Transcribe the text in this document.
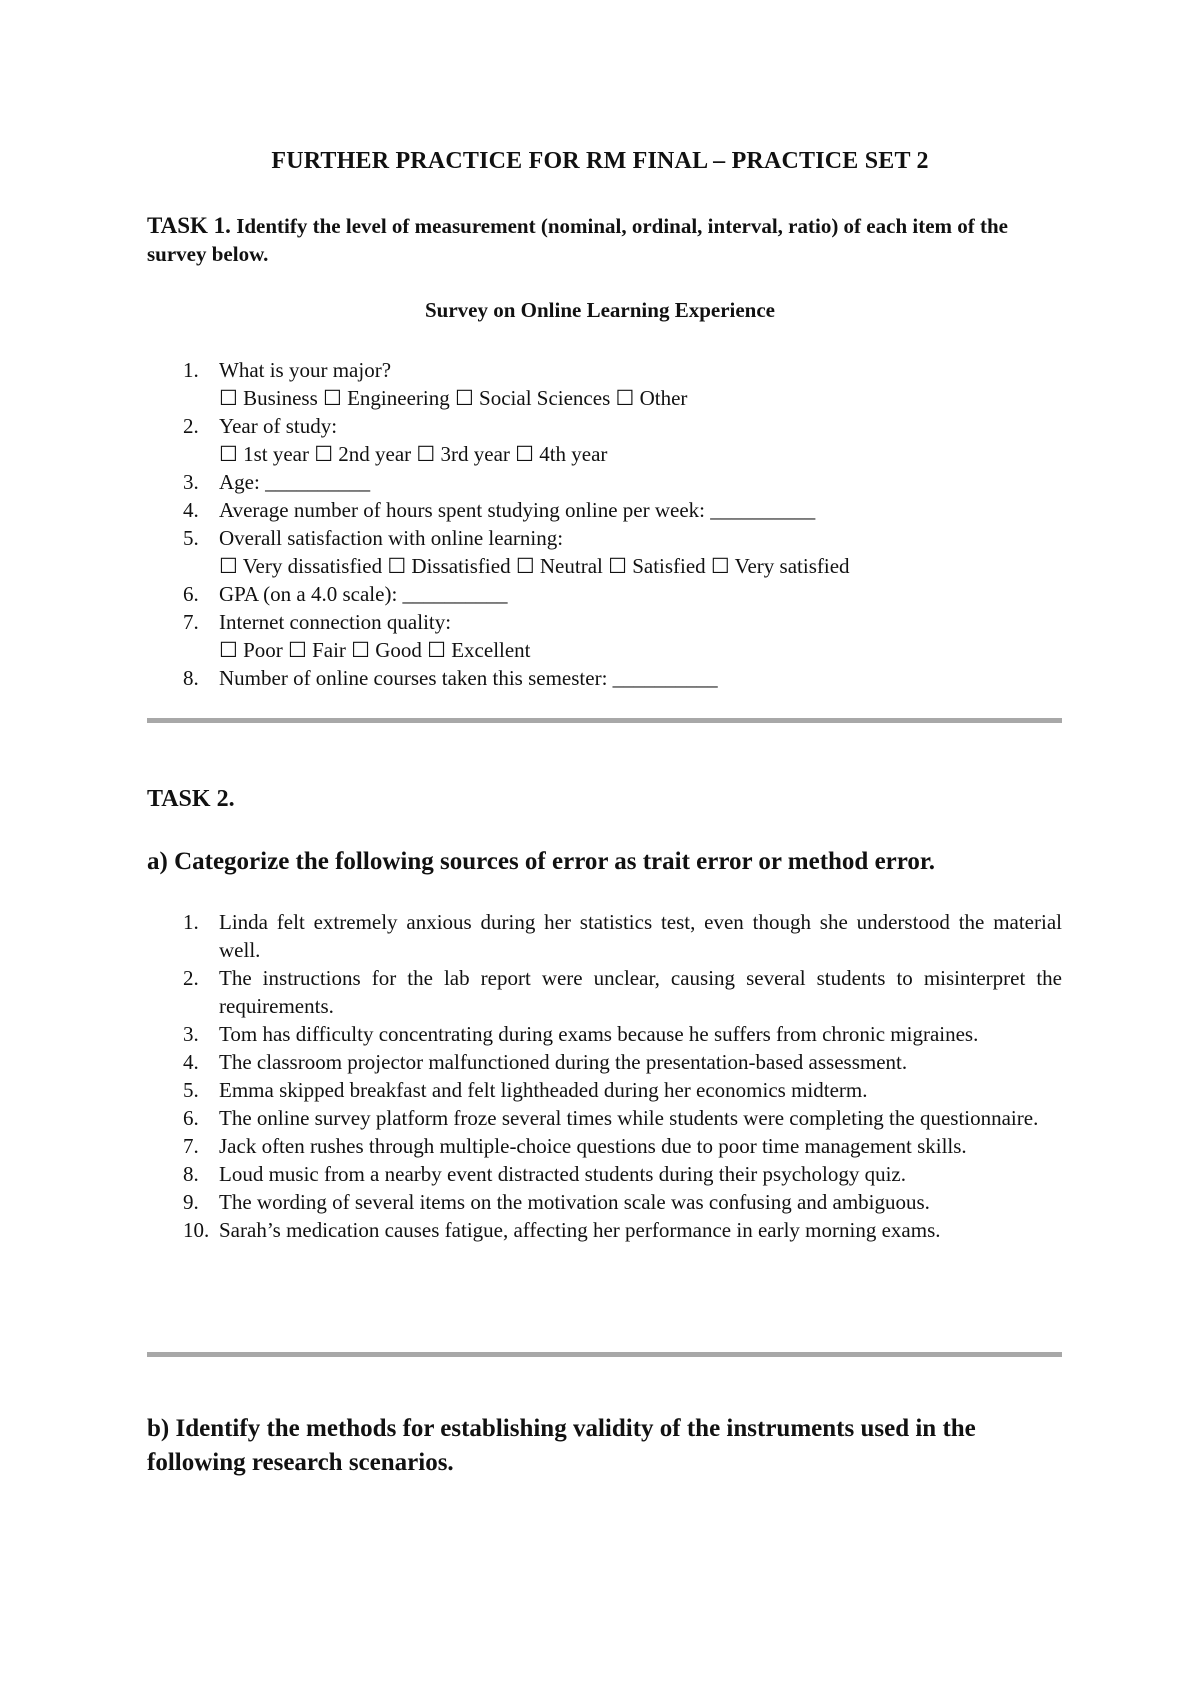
FURTHER PRACTICE FOR RM FINAL – PRACTICE SET 2
TASK 1. Identify the level of measurement (nominal, ordinal, interval, ratio) of each item of the survey below.
Survey on Online Learning Experience
1. What is your major?
☐ Business ☐ Engineering ☐ Social Sciences ☐ Other
2. Year of study:
☐ 1st year ☐ 2nd year ☐ 3rd year ☐ 4th year
3. Age: __________
4. Average number of hours spent studying online per week: __________
5. Overall satisfaction with online learning:
☐ Very dissatisfied ☐ Dissatisfied ☐ Neutral ☐ Satisfied ☐ Very satisfied
6. GPA (on a 4.0 scale): __________
7. Internet connection quality:
☐ Poor ☐ Fair ☐ Good ☐ Excellent
8. Number of online courses taken this semester: __________
TASK 2.
a) Categorize the following sources of error as trait error or method error.
1. Linda felt extremely anxious during her statistics test, even though she understood the material well.
2. The instructions for the lab report were unclear, causing several students to misinterpret the requirements.
3. Tom has difficulty concentrating during exams because he suffers from chronic migraines.
4. The classroom projector malfunctioned during the presentation-based assessment.
5. Emma skipped breakfast and felt lightheaded during her economics midterm.
6. The online survey platform froze several times while students were completing the questionnaire.
7. Jack often rushes through multiple-choice questions due to poor time management skills.
8. Loud music from a nearby event distracted students during their psychology quiz.
9. The wording of several items on the motivation scale was confusing and ambiguous.
10. Sarah’s medication causes fatigue, affecting her performance in early morning exams.
b) Identify the methods for establishing validity of the instruments used in the following research scenarios.
